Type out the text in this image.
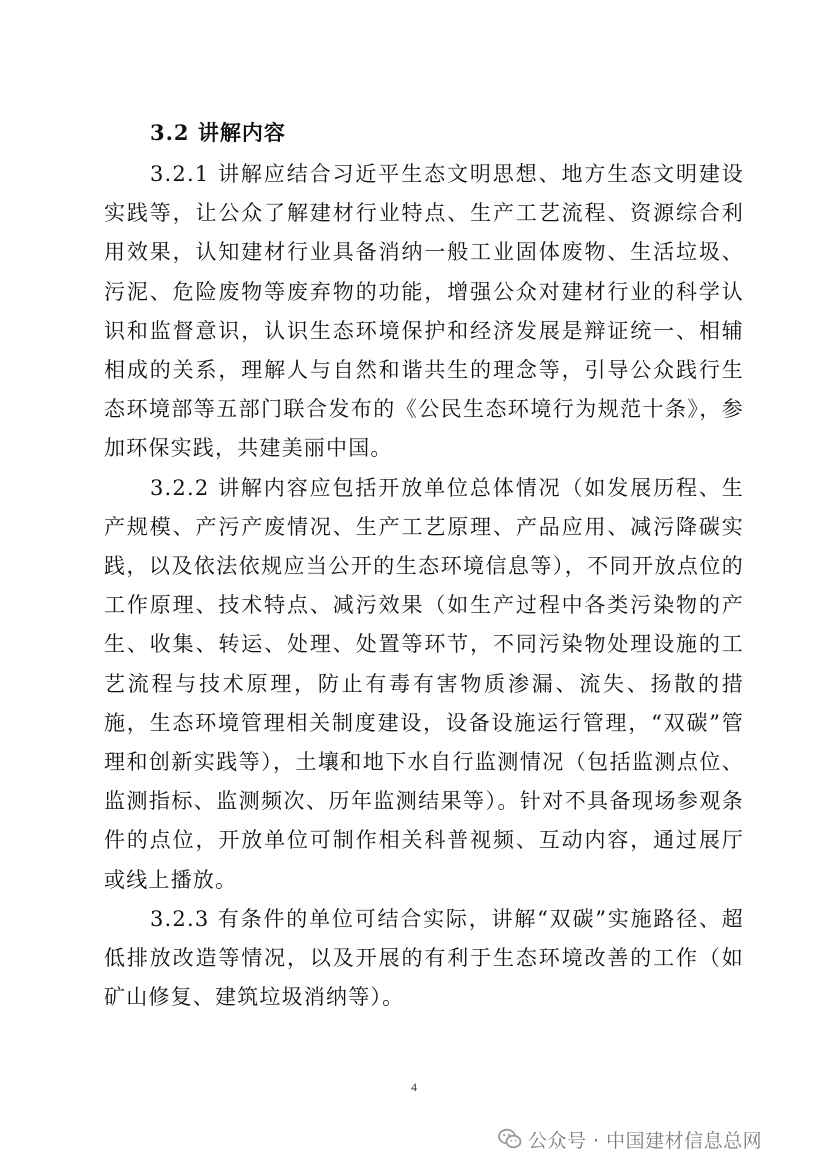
3.2 讲解内容

3.2.1 讲解应结合习近平生态文明思想、地方生态文明建设实践等，让公众了解建材行业特点、生产工艺流程、资源综合利用效果，认知建材行业具备消纳一般工业固体废物、生活垃圾、污泥、危险废物等废弃物的功能，增强公众对建材行业的科学认识和监督意识，认识生态环境保护和经济发展是辩证统一、相辅相成的关系，理解人与自然和谐共生的理念等，引导公众践行生态环境部等五部门联合发布的《公民生态环境行为规范十条》，参加环保实践，共建美丽中国。

3.2.2 讲解内容应包括开放单位总体情况（如发展历程、生产规模、产污产废情况、生产工艺原理、产品应用、减污降碳实践，以及依法依规应当公开的生态环境信息等），不同开放点位的工作原理、技术特点、减污效果（如生产过程中各类污染物的产生、收集、转运、处理、处置等环节，不同污染物处理设施的工艺流程与技术原理，防止有毒有害物质渗漏、流失、扬散的措施，生态环境管理相关制度建设，设备设施运行管理，“双碳”管理和创新实践等），土壤和地下水自行监测情况（包括监测点位、监测指标、监测频次、历年监测结果等）。针对不具备现场参观条件的点位，开放单位可制作相关科普视频、互动内容，通过展厅或线上播放。

3.2.3 有条件的单位可结合实际，讲解“双碳”实施路径、超低排放改造等情况，以及开展的有利于生态环境改善的工作（如矿山修复、建筑垃圾消纳等）。

4
公众号 · 中国建材信息总网
